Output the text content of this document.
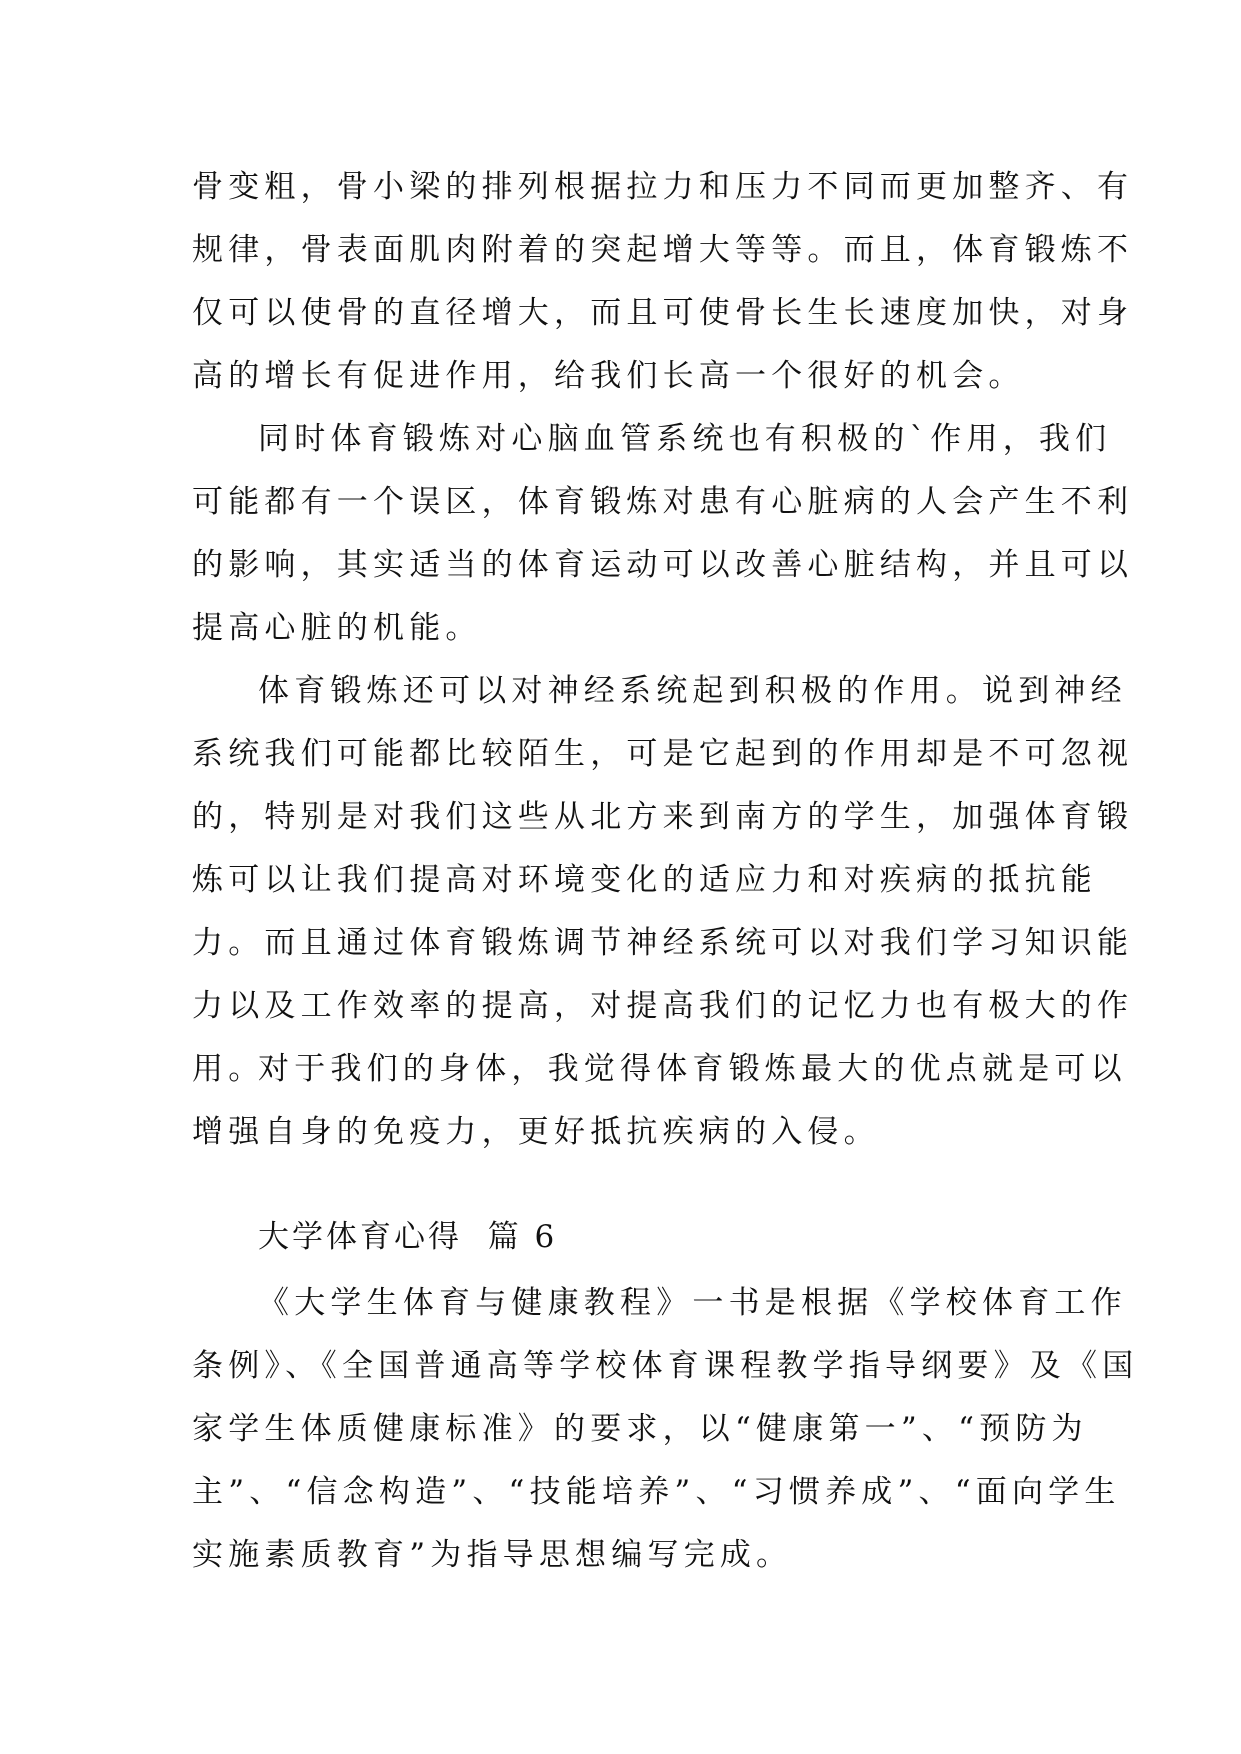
骨变粗，骨小梁的排列根据拉力和压力不同而更加整齐、有
规律，骨表面肌肉附着的突起增大等等。而且，体育锻炼不
仅可以使骨的直径增大，而且可使骨长生长速度加快，对身
高的增长有促进作用，给我们长高一个很好的机会。
同时体育锻炼对心脑血管系统也有积极的`作用，我们
可能都有一个误区，体育锻炼对患有心脏病的人会产生不利
的影响，其实适当的体育运动可以改善心脏结构，并且可以
提高心脏的机能。
体育锻炼还可以对神经系统起到积极的作用。说到神经
系统我们可能都比较陌生，可是它起到的作用却是不可忽视
的，特别是对我们这些从北方来到南方的学生，加强体育锻
炼可以让我们提高对环境变化的适应力和对疾病的抵抗能
力。而且通过体育锻炼调节神经系统可以对我们学习知识能
力以及工作效率的提高，对提高我们的记忆力也有极大的作
用。
对于我们的身体，我觉得体育锻炼最大的优点就是可以
增强自身的免疫力，更好抵抗疾病的入侵。
大学体育心得  篇 6
《大学生体育与健康教程》一书是根据《学校体育工作
条例》、《全国普通高等学校体育课程教学指导纲要》及《国
家学生体质健康标准》的要求，以“健康第一”、“预防为
主”、“信念构造”、“技能培养”、“习惯养成”、“面向学生
实施素质教育”为指导思想编写完成。
